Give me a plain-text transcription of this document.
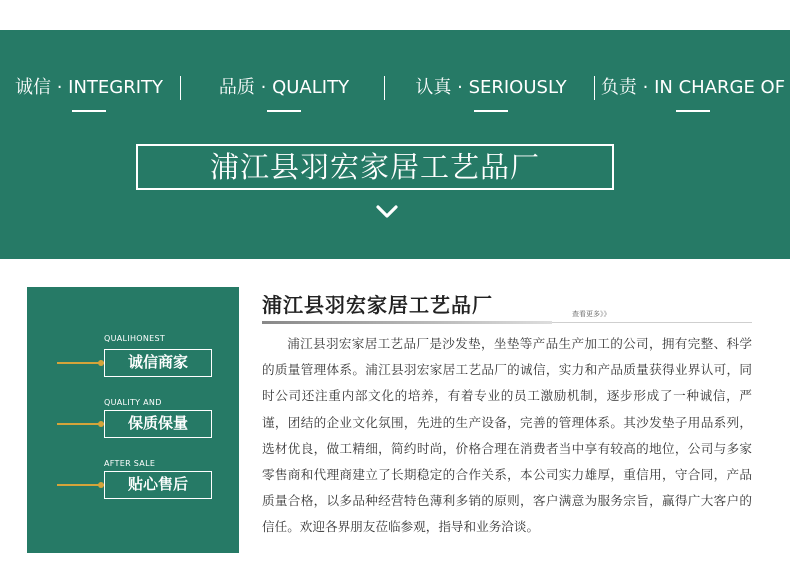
诚信 · INTEGRITY	品质 · QUALITY	认真 · SERIOUSLY	负责 · IN CHARGE OF
浦江县羽宏家居工艺品厂
QUALIHONEST
诚信商家
QUALITY AND
保质保量
AFTER SALE
贴心售后
浦江县羽宏家居工艺品厂	查看更多》》
浦江县羽宏家居工艺品厂是沙发垫，坐垫等产品生产加工的公司，拥有完整、科学的质量管理体系。浦江县羽宏家居工艺品厂的诚信，实力和产品质量获得业界认可，同时公司还注重内部文化的培养，有着专业的员工激励机制，逐步形成了一种诚信，严谨，团结的企业文化氛围，先进的生产设备，完善的管理体系。其沙发垫子用品系列，选材优良，做工精细，简约时尚，价格合理在消费者当中享有较高的地位，公司与多家零售商和代理商建立了长期稳定的合作关系，本公司实力雄厚，重信用，守合同，产品质量合格，以多品种经营特色薄利多销的原则，客户满意为服务宗旨，赢得广大客户的信任。欢迎各界朋友莅临参观，指导和业务洽谈。
